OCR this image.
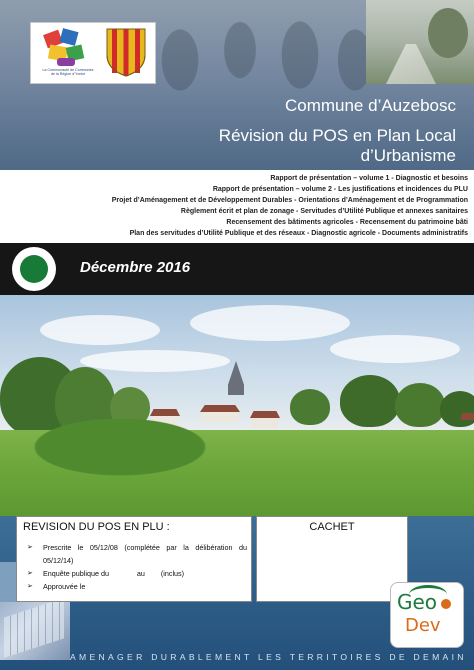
La Communauté de Communes
de la Région d’Yvetot
Commune d’Auzebosc
Révision du POS en Plan Local d’Urbanisme
Rapport de présentation – volume 1 - Diagnostic et besoins
Rapport de présentation – volume 2 - Les justifications et incidences du PLU
Projet d’Aménagement et de Développement Durables - Orientations d’Aménagement et de Programmation
Règlement écrit et plan de zonage - Servitudes d’Utilité Publique et annexes sanitaires
Recensement des bâtiments agricoles - Recensement du patrimoine bâti
Plan des servitudes d’Utilité Publique et des réseaux - Diagnostic agricole - Documents administratifs
Décembre 2016
REVISION DU POS EN PLU :
➢ Prescrite le 05/12/08 (complétée par la délibération du 05/12/14)
➢ Enquête publique du              au        (inclus)
➢ Approuvée le
CACHET
Geo
Dev
AMENAGER DURABLEMENT LES TERRITOIRES DE DEMAIN
